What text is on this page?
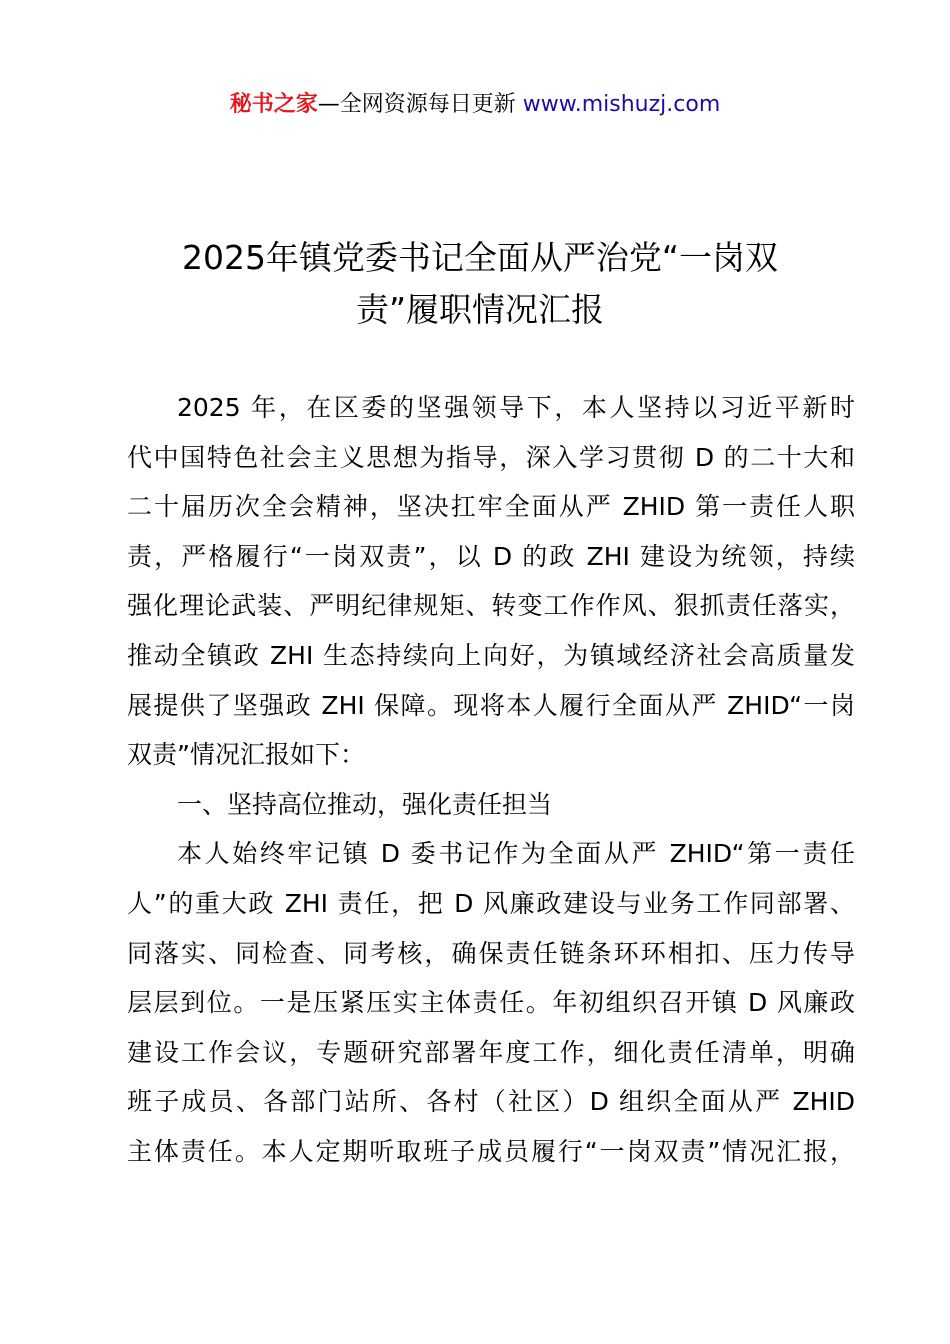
秘书之家—全网资源每日更新 www.mishuzj.com
2025年镇党委书记全面从严治党“一岗双
责”履职情况汇报
2025 年，在区委的坚强领导下，本人坚持以习近平新时
代中国特色社会主义思想为指导，深入学习贯彻 D 的二十大和
二十届历次全会精神，坚决扛牢全面从严 ZHID 第一责任人职
责，严格履行“一岗双责”，以 D 的政 ZHI 建设为统领，持续
强化理论武装、严明纪律规矩、转变工作作风、狠抓责任落实，
推动全镇政 ZHI 生态持续向上向好，为镇域经济社会高质量发
展提供了坚强政 ZHI 保障。现将本人履行全面从严 ZHID“一岗
双责”情况汇报如下：
一、坚持高位推动，强化责任担当
本人始终牢记镇 D 委书记作为全面从严 ZHID“第一责任
人”的重大政 ZHI 责任，把 D 风廉政建设与业务工作同部署、
同落实、同检查、同考核，确保责任链条环环相扣、压力传导
层层到位。一是压紧压实主体责任。年初组织召开镇 D 风廉政
建设工作会议，专题研究部署年度工作，细化责任清单，明确
班子成员、各部门站所、各村（社区）D 组织全面从严 ZHID
主体责任。本人定期听取班子成员履行“一岗双责”情况汇报，
